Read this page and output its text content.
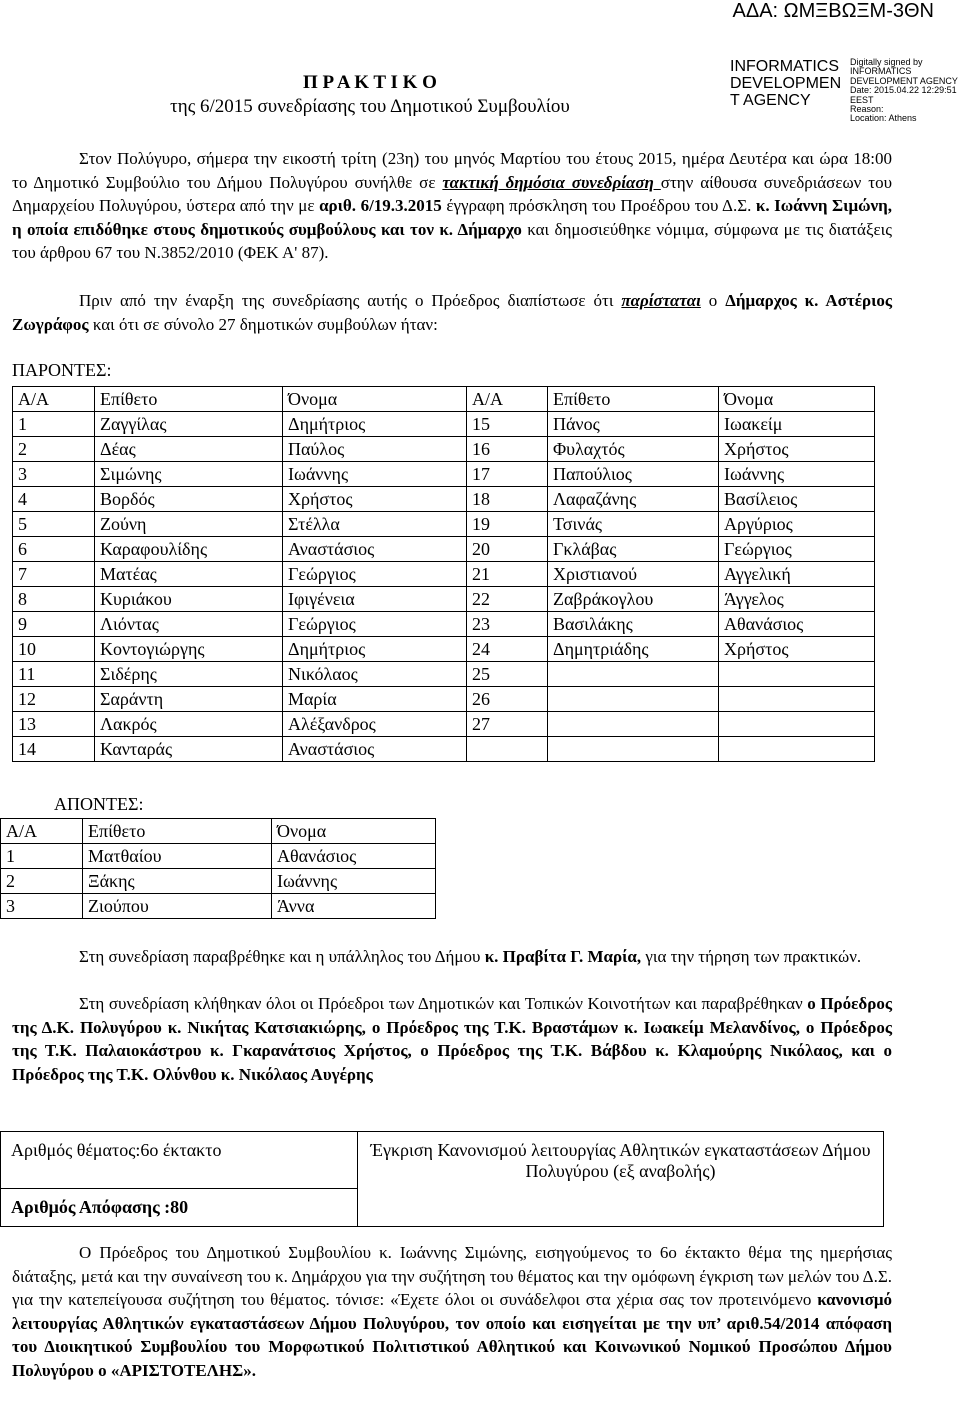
ΑΔΑ: ΩΜΞΒΩΞΜ-3ΘΝ
INFORMATICS DEVELOPMEN T AGENCY
Digitally signed by
INFORMATICS
DEVELOPMENT AGENCY
Date: 2015.04.22 12:29:51
EEST
Reason:
Location: Athens
Π Ρ Α Κ Τ Ι Κ Ο
της 6/2015 συνεδρίασης του Δημοτικού Συμβουλίου
Στον Πολύγυρο, σήμερα την εικοστή τρίτη (23η) του μηνός Μαρτίου του έτους 2015, ημέρα Δευτέρα και ώρα 18:00 το Δημοτικό Συμβούλιο του Δήμου Πολυγύρου συνήλθε σε τακτική δημόσια συνεδρίαση στην αίθουσα συνεδριάσεων του Δημαρχείου Πολυγύρου, ύστερα από την με αριθ. 6/19.3.2015 έγγραφη πρόσκληση του Προέδρου του Δ.Σ. κ. Ιωάννη Σιμώνη, η οποία επιδόθηκε στους δημοτικούς συμβούλους και τον κ. Δήμαρχο και δημοσιεύθηκε νόμιμα, σύμφωνα με τις διατάξεις του άρθρου 67 του Ν.3852/2010 (ΦΕΚ Α' 87).
Πριν από την έναρξη της συνεδρίασης αυτής ο Πρόεδρος διαπίστωσε ότι παρίσταται ο Δήμαρχος κ. Αστέριος Ζωγράφος και ότι σε σύνολο 27 δημοτικών συμβούλων ήταν:
ΠΑΡΟΝΤΕΣ:
Α/Α	Επίθετο	Όνομα	Α/Α	Επίθετο	Όνομα
1	Ζαγγίλας	Δημήτριος	15	Πάνος	Ιωακείμ
2	Δέας	Παύλος	16	Φυλαχτός	Χρήστος
3	Σιμώνης	Ιωάννης	17	Παπούλιος	Ιωάννης
4	Βορδός	Χρήστος	18	Λαφαζάνης	Βασίλειος
5	Ζούνη	Στέλλα	19	Τσινάς	Αργύριος
6	Καραφουλίδης	Αναστάσιος	20	Γκλάβας	Γεώργιος
7	Ματέας	Γεώργιος	21	Χριστιανού	Αγγελική
8	Κυριάκου	Ιφιγένεια	22	Ζαβράκογλου	Άγγελος
9	Λιόντας	Γεώργιος	23	Βασιλάκης	Αθανάσιος
10	Κοντογιώργης	Δημήτριος	24	Δημητριάδης	Χρήστος
11	Σιδέρης	Νικόλαος	25		
12	Σαράντη	Μαρία	26		
13	Λακρός	Αλέξανδρος	27		
14	Κανταράς	Αναστάσιος			
ΑΠΟΝΤΕΣ:
Α/Α	Επίθετο	Όνομα
1	Ματθαίου	Αθανάσιος
2	Ξάκης	Ιωάννης
3	Ζιούπου	Άννα
Στη συνεδρίαση παραβρέθηκε και η υπάλληλος του Δήμου κ. Πραβίτα Γ. Μαρία, για την τήρηση των πρακτικών.
Στη συνεδρίαση κλήθηκαν όλοι οι Πρόεδροι των Δημοτικών και Τοπικών Κοινοτήτων και παραβρέθηκαν ο Πρόεδρος της Δ.Κ. Πολυγύρου κ. Νικήτας Κατσιακιώρης, ο Πρόεδρος της Τ.Κ. Βραστάμων κ. Ιωακείμ Μελανδίνος, ο Πρόεδρος της Τ.Κ. Παλαιοκάστρου κ. Γκαρανάτσιος Χρήστος, ο Πρόεδρος της Τ.Κ. Βάβδου κ. Κλαμούρης Νικόλαος, και ο Πρόεδρος της Τ.Κ. Ολύνθου κ. Νικόλαος Αυγέρης
Αριθμός θέματος:6ο έκτακτο	Έγκριση Κανονισμού λειτουργίας Αθλητικών εγκαταστάσεων Δήμου Πολυγύρου (εξ αναβολής)
Αριθμός Απόφασης :80
Ο Πρόεδρος του Δημοτικού Συμβουλίου κ. Ιωάννης Σιμώνης, εισηγούμενος το 6ο έκτακτο θέμα της ημερήσιας διάταξης, μετά και την συναίνεση του κ. Δημάρχου για την συζήτηση του θέματος και την ομόφωνη έγκριση των μελών του Δ.Σ. για την κατεπείγουσα συζήτηση του θέματος. τόνισε: «Έχετε όλοι οι συνάδελφοι στα χέρια σας τον προτεινόμενο κανονισμό λειτουργίας Αθλητικών εγκαταστάσεων Δήμου Πολυγύρου, τον οποίο και εισηγείται με την υπ’ αριθ.54/2014 απόφαση του Διοικητικού Συμβουλίου του Μορφωτικού Πολιτιστικού Αθλητικού και Κοινωνικού Νομικού Προσώπου Δήμου Πολυγύρου ο «ΑΡΙΣΤΟΤΕΛΗΣ».
